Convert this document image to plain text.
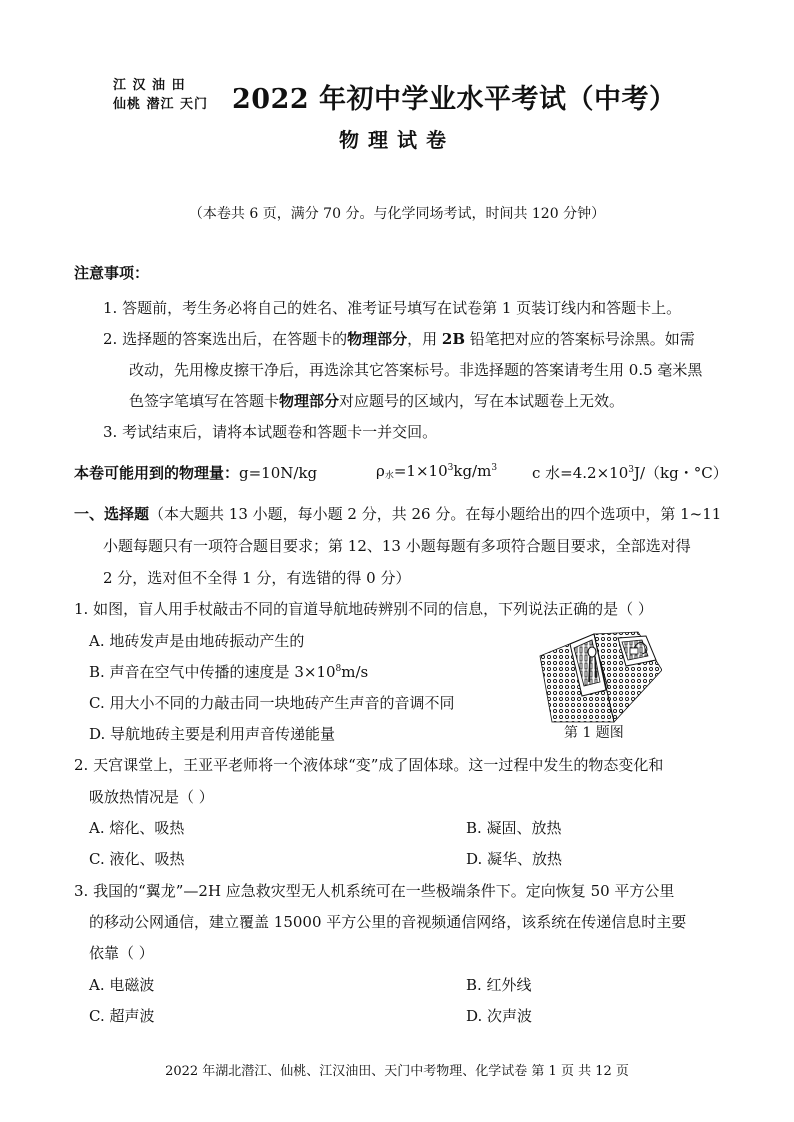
江 汉 油 田
仙桃 潜江 天门 2022 年初中学业水平考试（中考）
物理试卷
（本卷共 6 页，满分 70 分。与化学同场考试，时间共 120 分钟）
注意事项：
1. 答题前，考生务必将自己的姓名、准考证号填写在试卷第 1 页装订线内和答题卡上。
2. 选择题的答案选出后，在答题卡的物理部分，用 2B 铅笔把对应的答案标号涂黑。如需
改动，先用橡皮擦干净后，再选涂其它答案标号。非选择题的答案请考生用 0.5 毫米黑
色签字笔填写在答题卡物理部分对应题号的区域内，写在本试题卷上无效。
3. 考试结束后，请将本试题卷和答题卡一并交回。
本卷可能用到的物理量：g=10N/kg	$\rho_水=1\times 10^3kg/m^3$ c 水$=4.2\times 10^3J/(kg$・°C）
一、选择题（本大题共 13 小题，每小题 2 分，共 26 分。在每小题给出的四个选项中，第 1~11
小题每题只有一项符合题目要求；第 12、13 小题每题有多项符合题目要求，全部选对得
2 分，选对但不全得 1 分，有选错的得 0 分）
1. 如图，盲人用手杖敲击不同的盲道导航地砖辨别不同的信息，下列说法正确的是（ ）
A. 地砖发声是由地砖振动产生的
B. 声音在空气中传播的速度是 $3\times 10^8m/s$
C. 用大小不同的力敲击同一块地砖产生声音的音调不同
D. 导航地砖主要是利用声音传递能量	第 1 题图
2. 天宫课堂上，王亚平老师将一个液体球“变”成了固体球。这一过程中发生的物态变化和
吸放热情况是（ ）
A. 熔化、吸热	B. 凝固、放热
C. 液化、吸热	D. 凝华、放热
3. 我国的“翼龙”—2H 应急救灾型无人机系统可在一些极端条件下。定向恢复 50 平方公里
的移动公网通信，建立覆盖 15000 平方公里的音视频通信网络，该系统在传递信息时主要
依靠（ ）
A. 电磁波	B. 红外线
C. 超声波	D. 次声波
2022 年湖北潜江、仙桃、江汉油田、天门中考物理、化学试卷 第 1 页 共 12 页
